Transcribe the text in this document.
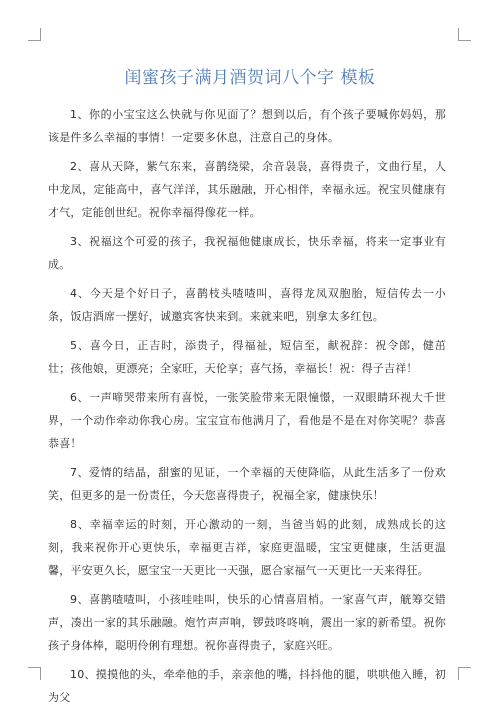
闺蜜孩子满月酒贺词八个字 模板

1、你的小宝宝这么快就与你见面了？想到以后，有个孩子要喊你妈妈，那该是件多么幸福的事情！一定要多休息，注意自己的身体。

2、喜从天降，紫气东来，喜鹊绕梁，余音袅袅，喜得贵子，文曲行星，人中龙凤，定能高中，喜气洋洋，其乐融融，开心相伴，幸福永远。祝宝贝健康有才气，定能创世纪。祝你幸福得像花一样。

3、祝福这个可爱的孩子，我祝福他健康成长，快乐幸福，将来一定事业有成。

4、今天是个好日子，喜鹊枝头喳喳叫，喜得龙凤双胞胎，短信传去一小条，饭店酒席一摆好，诚邀宾客快来到。来就来吧，别拿太多红包。

5、喜今日，正吉时，添贵子，得福祉，短信至，献祝辞：祝令郎，健茁壮；孩他娘，更漂亮；全家旺，天伦享；喜气扬，幸福长！祝：得子吉祥！

6、一声啼哭带来所有喜悦，一张笑脸带来无限憧憬，一双眼睛环视大千世界，一个动作牵动你我心房。宝宝宣布他满月了，看他是不是在对你笑呢？恭喜恭喜！

7、爱情的结晶，甜蜜的见证，一个幸福的天使降临，从此生活多了一份欢笑，但更多的是一份责任，今天您喜得贵子，祝福全家，健康快乐！

8、幸福幸运的时刻，开心激动的一刻，当爸当妈的此刻，成熟成长的这刻，我来祝你开心更快乐，幸福更吉祥，家庭更温暖，宝宝更健康，生活更温馨，平安更久长，愿宝宝一天更比一天强，愿合家福气一天更比一天来得狂。

9、喜鹊喳喳叫，小孩哇哇叫，快乐的心情喜眉梢。一家喜气声，觥筹交错声，凑出一家的其乐融融。炮竹声声响，锣鼓咚咚响，震出一家的新希望。祝你孩子身体棒，聪明伶俐有理想。祝你喜得贵子，家庭兴旺。

10、摸摸他的头，牵牵他的手，亲亲他的嘴，抖抖他的腿，哄哄他入睡，初为父
